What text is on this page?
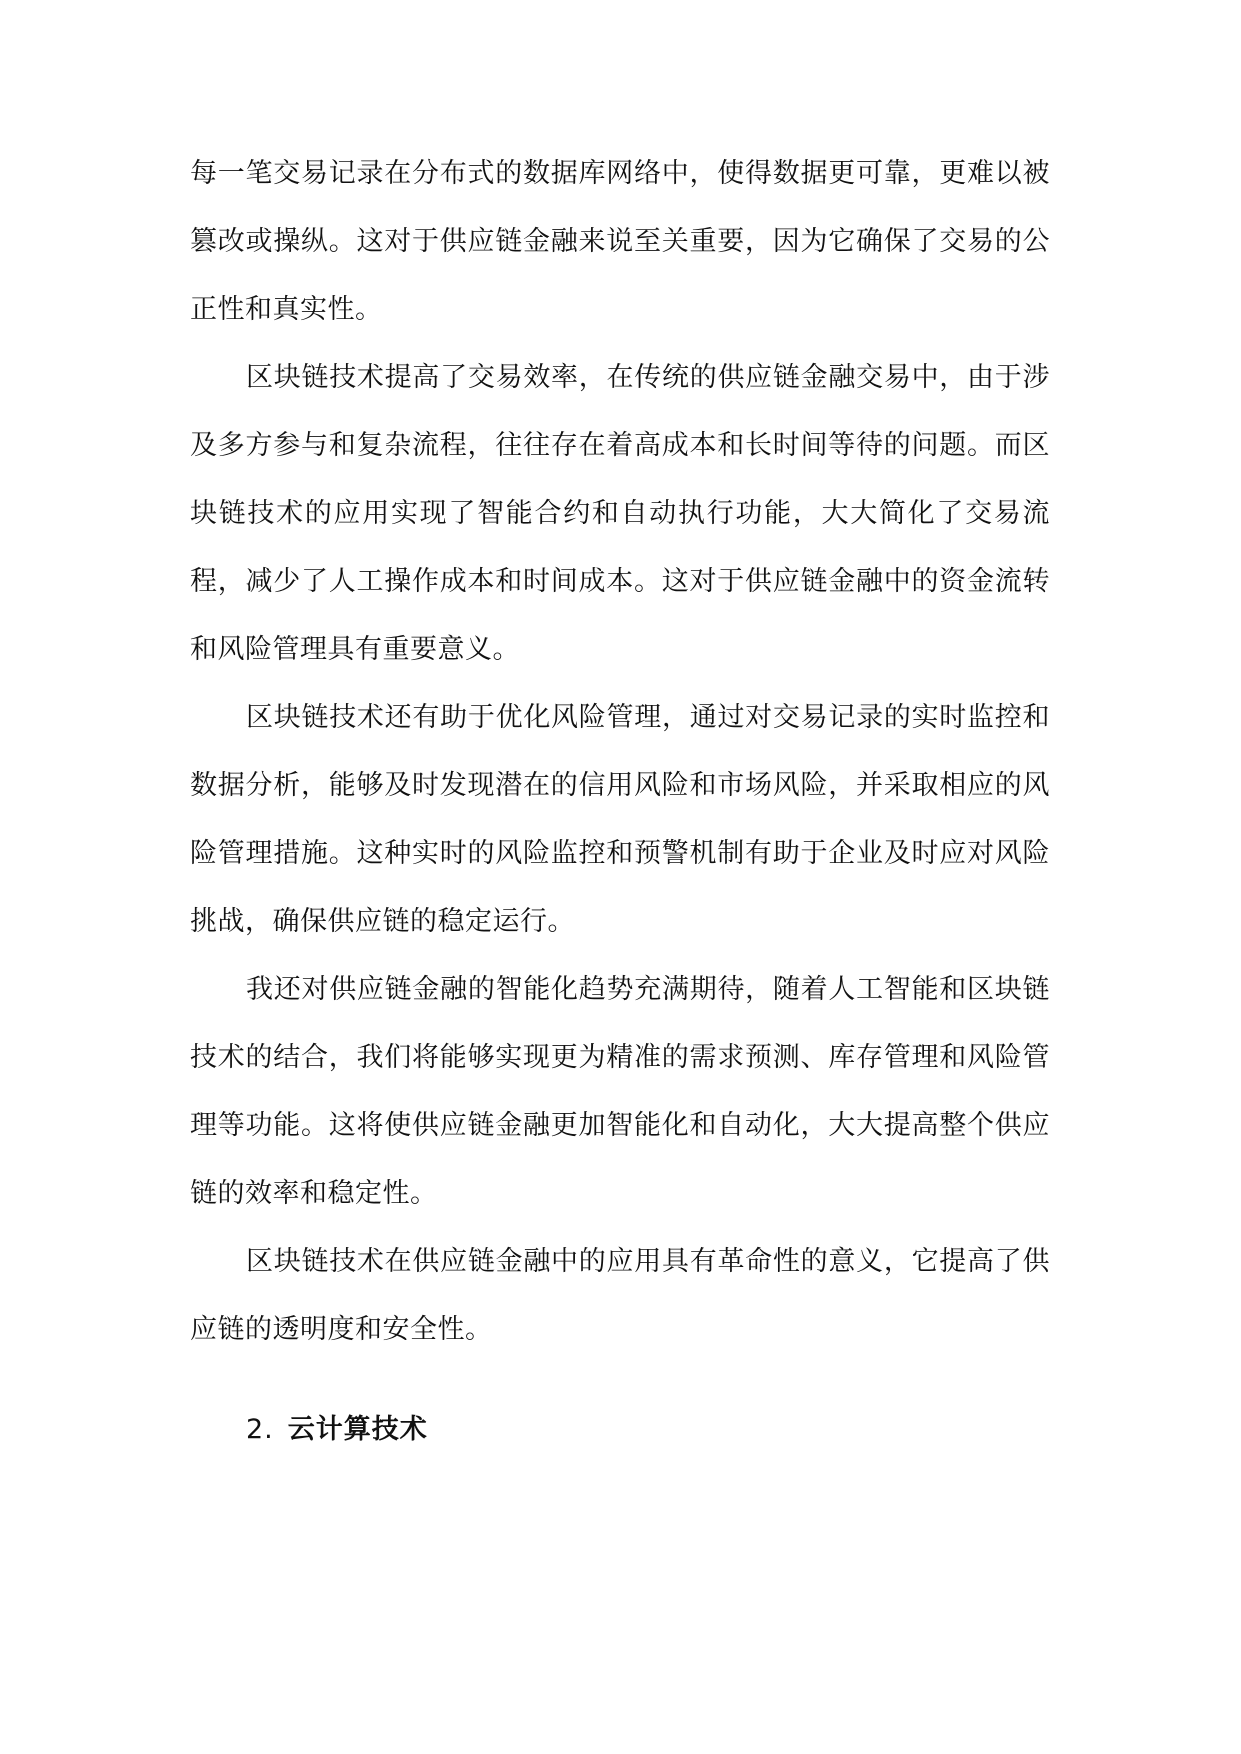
每一笔交易记录在分布式的数据库网络中，使得数据更可靠，更难以被篡改或操纵。这对于供应链金融来说至关重要，因为它确保了交易的公正性和真实性。

区块链技术提高了交易效率，在传统的供应链金融交易中，由于涉及多方参与和复杂流程，往往存在着高成本和长时间等待的问题。而区块链技术的应用实现了智能合约和自动执行功能，大大简化了交易流程，减少了人工操作成本和时间成本。这对于供应链金融中的资金流转和风险管理具有重要意义。

区块链技术还有助于优化风险管理，通过对交易记录的实时监控和数据分析，能够及时发现潜在的信用风险和市场风险，并采取相应的风险管理措施。这种实时的风险监控和预警机制有助于企业及时应对风险挑战，确保供应链的稳定运行。

我还对供应链金融的智能化趋势充满期待，随着人工智能和区块链技术的结合，我们将能够实现更为精准的需求预测、库存管理和风险管理等功能。这将使供应链金融更加智能化和自动化，大大提高整个供应链的效率和稳定性。

区块链技术在供应链金融中的应用具有革命性的意义，它提高了供应链的透明度和安全性。

2. 云计算技术
